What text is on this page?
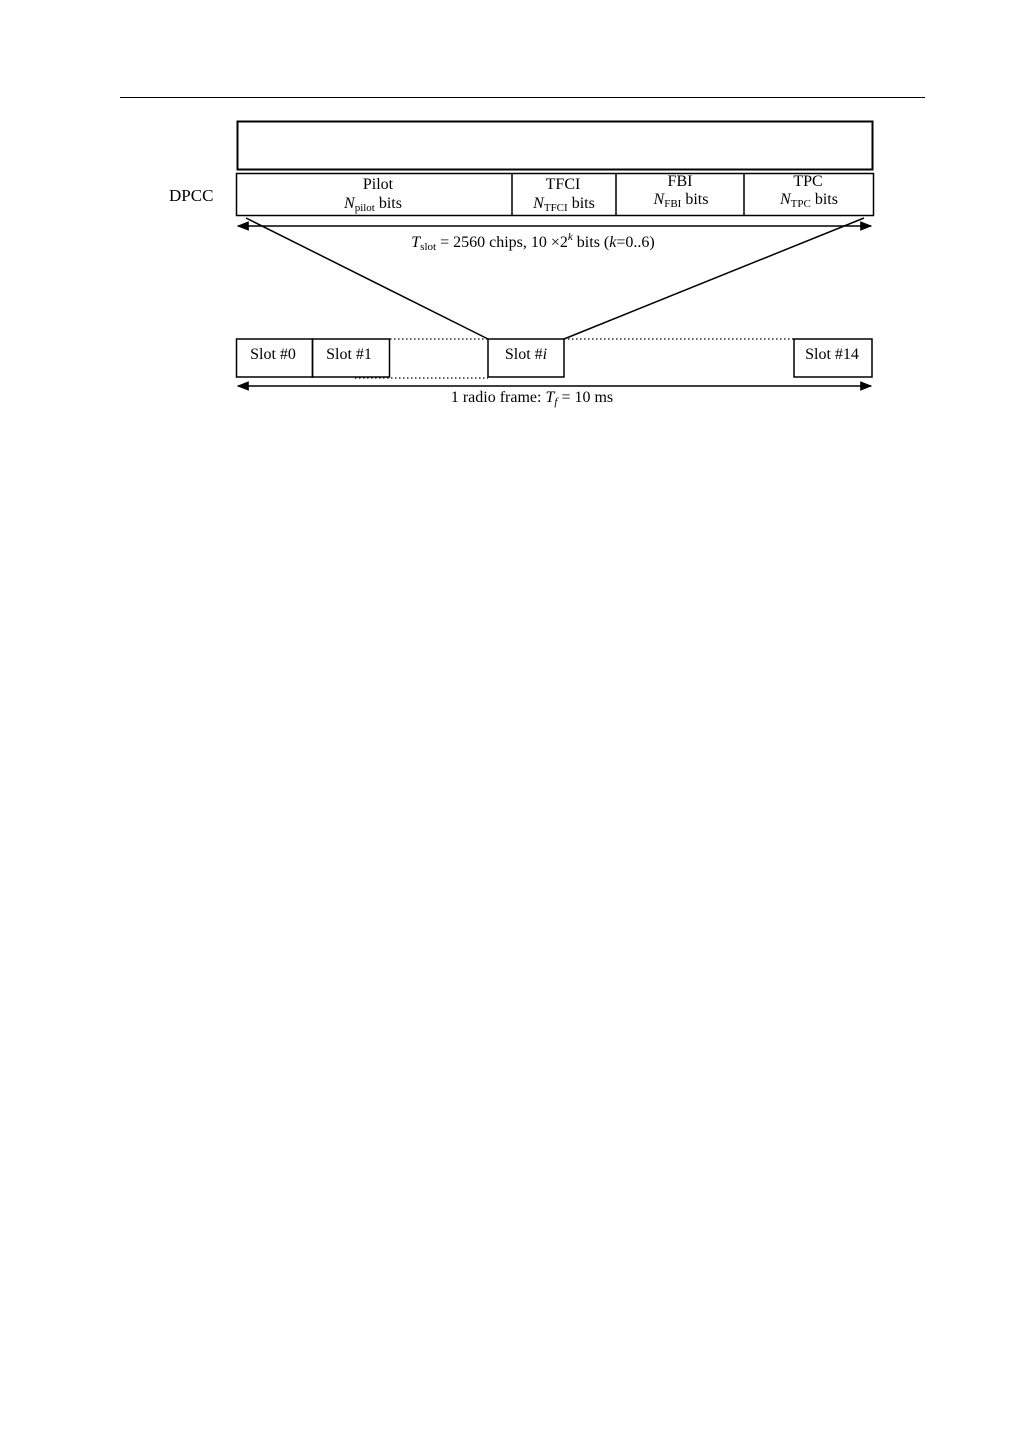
DPCC
Pilot
Npilot bits
TFCI
NTFCI bits
FBI
NFBI bits
TPC
NTPC bits
Tslot = 2560 chips, $10 \times 2^k$ bits (k=0..6)
Slot #0 Slot #1	Slot #i	Slot #14
1 radio frame: Tf = 10 ms
